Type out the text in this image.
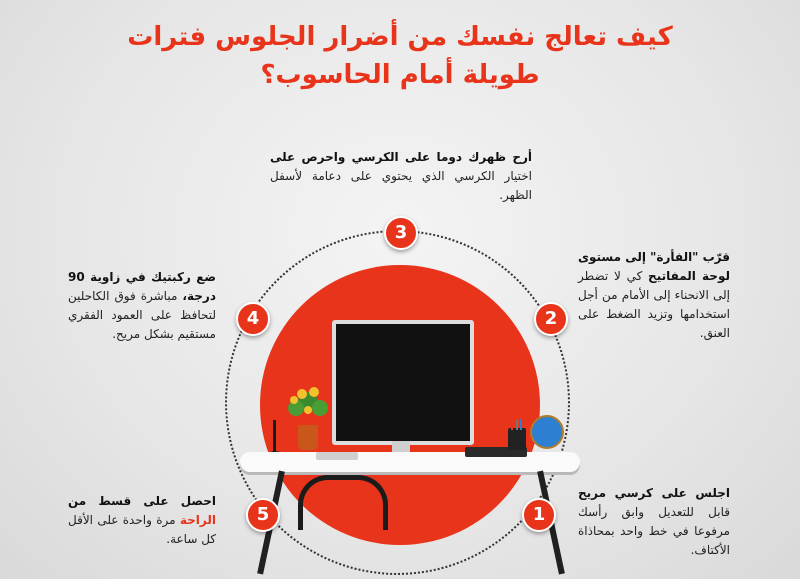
كيف تعالج نفسك من أضرار الجلوس فترات
طويلة أمام الحاسوب؟
3
2
4
5	1
أرح ظهرك دوما على الكرسي واحرص على اختيار الكرسي الذي يحتوي على دعامة لأسفل الظهر.
قرّب "الفأرة" إلى مستوى لوحة المفاتيح كي لا تضطر إلى الانحناء إلى الأمام من أجل استخدامها وتزيد الضغط على العنق.
ضع ركبتيك في زاوية 90 درجة، مباشرة فوق الكاحلين لتحافظ على العمود الفقري مستقيم بشكل مريح.
احصل على قسط من الراحة مرة واحدة على الأقل كل ساعة.
اجلس على كرسي مريح قابل للتعديل وابق رأسك مرفوعا في خط واحد بمحاذاة الأكتاف.
